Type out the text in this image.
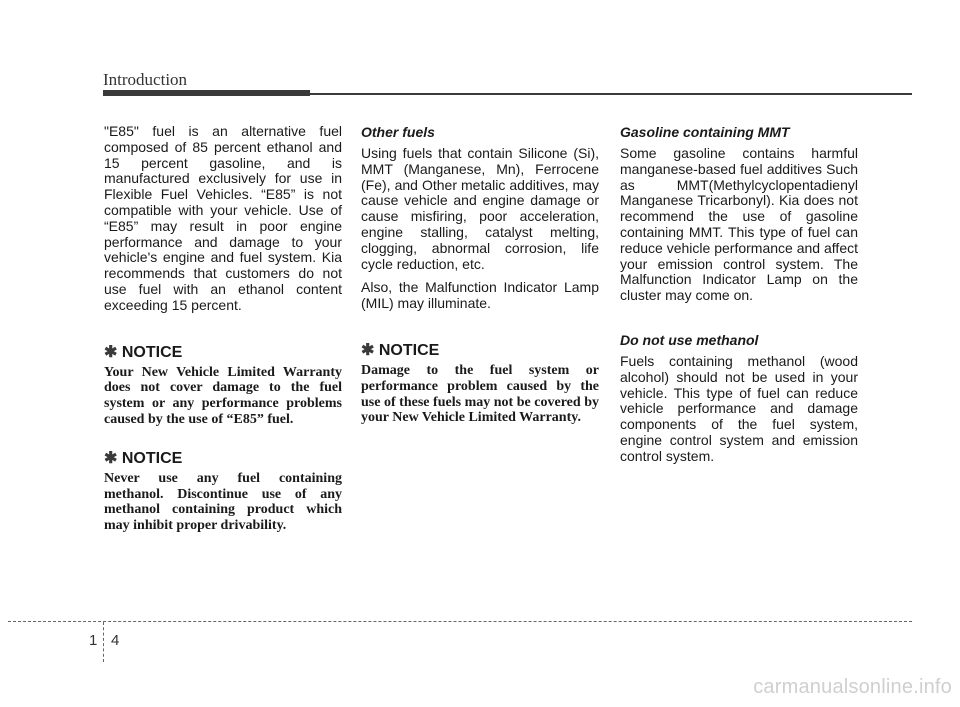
Introduction

"E85" fuel is an alternative fuel composed of 85 percent ethanol and 15 percent gasoline, and is manufactured exclusively for use in Flexible Fuel Vehicles. “E85” is not compatible with your vehicle. Use of “E85” may result in poor engine performance and damage to your vehicle's engine and fuel system. Kia recommends that customers do not use fuel with an ethanol content exceeding 15 percent.

✱ NOTICE

Your New Vehicle Limited Warranty does not cover damage to the fuel system or any performance problems caused by the use of “E85” fuel.

✱ NOTICE

Never use any fuel containing methanol. Discontinue use of any methanol containing product which may inhibit proper drivability.

Other fuels

Using fuels that contain Silicone (Si), MMT (Manganese, Mn), Ferrocene (Fe), and Other metalic additives, may cause vehicle and engine damage or cause misfiring, poor acceleration, engine stalling, catalyst melting, clogging, abnormal corrosion, life cycle reduction, etc.

Also, the Malfunction Indicator Lamp (MIL) may illuminate.

✱ NOTICE

Damage to the fuel system or performance problem caused by the use of these fuels may not be covered by your New Vehicle Limited Warranty.

Gasoline containing MMT

Some gasoline contains harmful manganese-based fuel additives Such as MMT(Methylcyclopentadienyl Manganese Tricarbonyl). Kia does not recommend the use of gasoline containing MMT. This type of fuel can reduce vehicle performance and affect your emission control system. The Malfunction Indicator Lamp on the cluster may come on.

Do not use methanol

Fuels containing methanol (wood alcohol) should not be used in your vehicle. This type of fuel can reduce vehicle performance and damage components of the fuel system, engine control system and emission control system.

1 4
carmanualsonline.info
